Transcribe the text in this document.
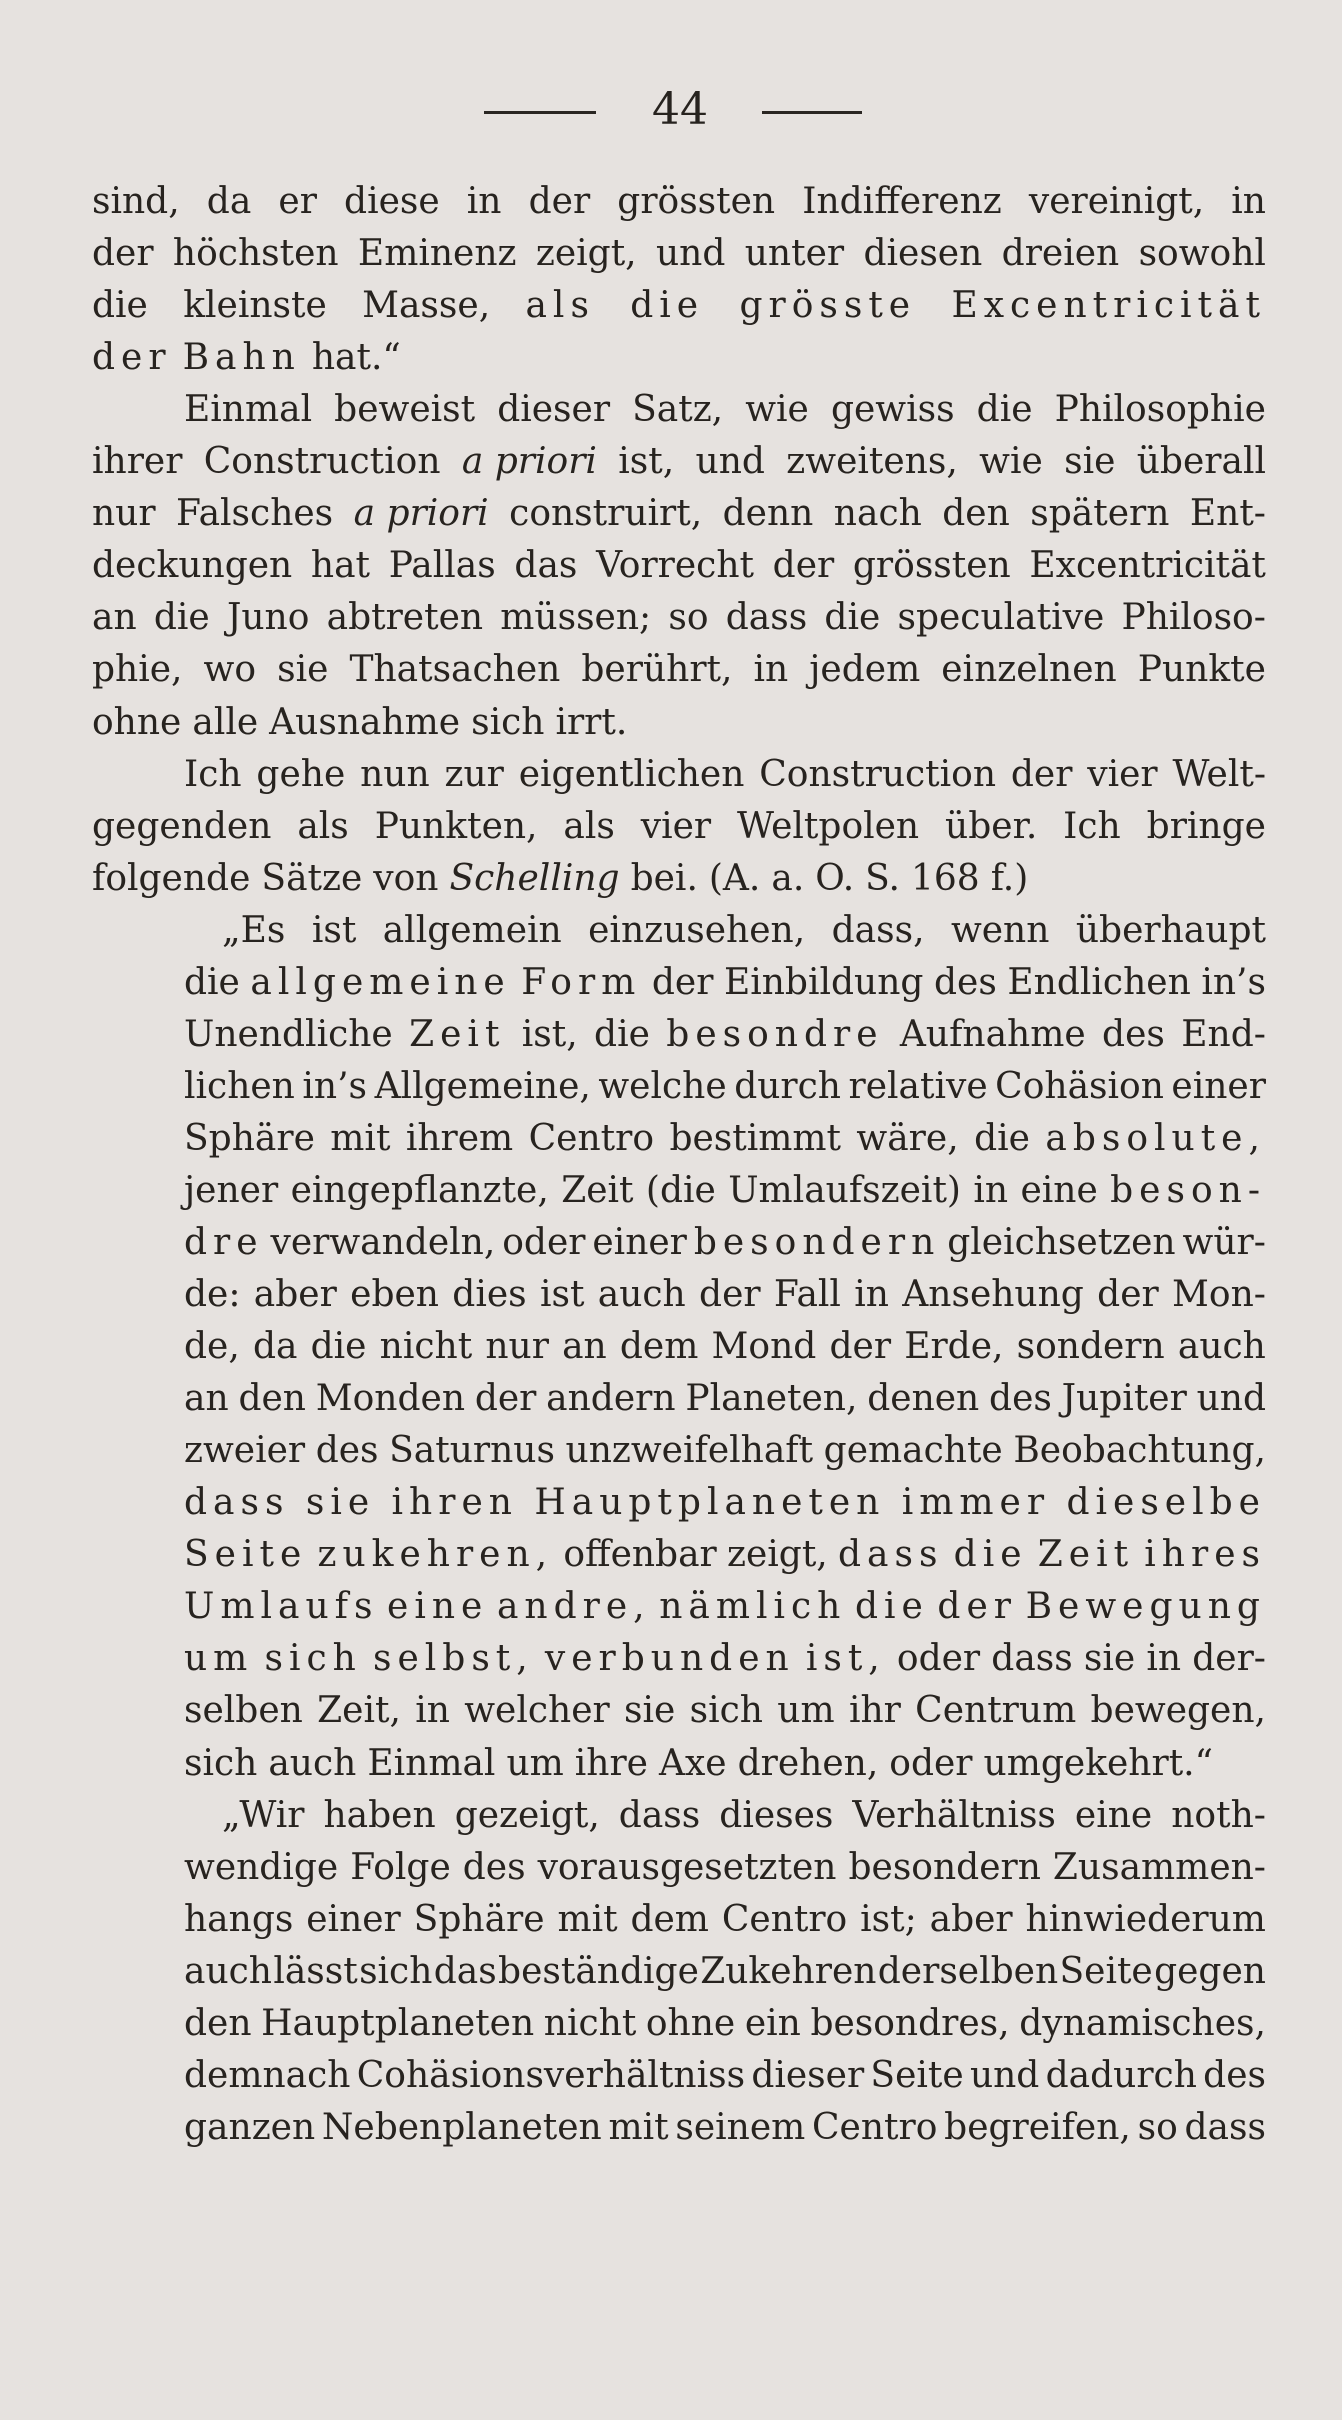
44
sind, da er diese in der grössten Indifferenz vereinigt, in
der höchsten Eminenz zeigt, und unter diesen dreien sowohl
die kleinste Masse, als die grösste Excentricität
der Bahn hat.“
Einmal beweist dieser Satz, wie gewiss die Philosophie
ihrer Construction a priori ist, und zweitens, wie sie überall
nur Falsches a priori construirt, denn nach den spätern Ent-
deckungen hat Pallas das Vorrecht der grössten Excentricität
an die Juno abtreten müssen; so dass die speculative Philoso-
phie, wo sie Thatsachen berührt, in jedem einzelnen Punkte
ohne alle Ausnahme sich irrt.
Ich gehe nun zur eigentlichen Construction der vier Welt-
gegenden als Punkten, als vier Weltpolen über. Ich bringe
folgende Sätze von Schelling bei. (A. a. O. S. 168 f.)
„Es ist allgemein einzusehen, dass, wenn überhaupt
die allgemeine Form der Einbildung des Endlichen in’s
Unendliche Zeit ist, die besondre Aufnahme des End-
lichen in’s Allgemeine, welche durch relative Cohäsion einer
Sphäre mit ihrem Centro bestimmt wäre, die absolute,
jener eingepflanzte, Zeit (die Umlaufszeit) in eine beson-
dre verwandeln, oder einer besondern gleichsetzen wür-
de: aber eben dies ist auch der Fall in Ansehung der Mon-
de, da die nicht nur an dem Mond der Erde, sondern auch
an den Monden der andern Planeten, denen des Jupiter und
zweier des Saturnus unzweifelhaft gemachte Beobachtung,
dass sie ihren Hauptplaneten immer dieselbe
Seite zukehren, offenbar zeigt, dass die Zeit ihres
Umlaufs eine andre, nämlich die der Bewegung
um sich selbst, verbunden ist, oder dass sie in der-
selben Zeit, in welcher sie sich um ihr Centrum bewegen,
sich auch Einmal um ihre Axe drehen, oder umgekehrt.“
„Wir haben gezeigt, dass dieses Verhältniss eine noth-
wendige Folge des vorausgesetzten besondern Zusammen-
hangs einer Sphäre mit dem Centro ist; aber hinwiederum
auch lässt sich das beständige Zukehren derselben Seite gegen
den Hauptplaneten nicht ohne ein besondres, dynamisches,
demnach Cohäsionsverhältniss dieser Seite und dadurch des
ganzen Nebenplaneten mit seinem Centro begreifen, so dass
